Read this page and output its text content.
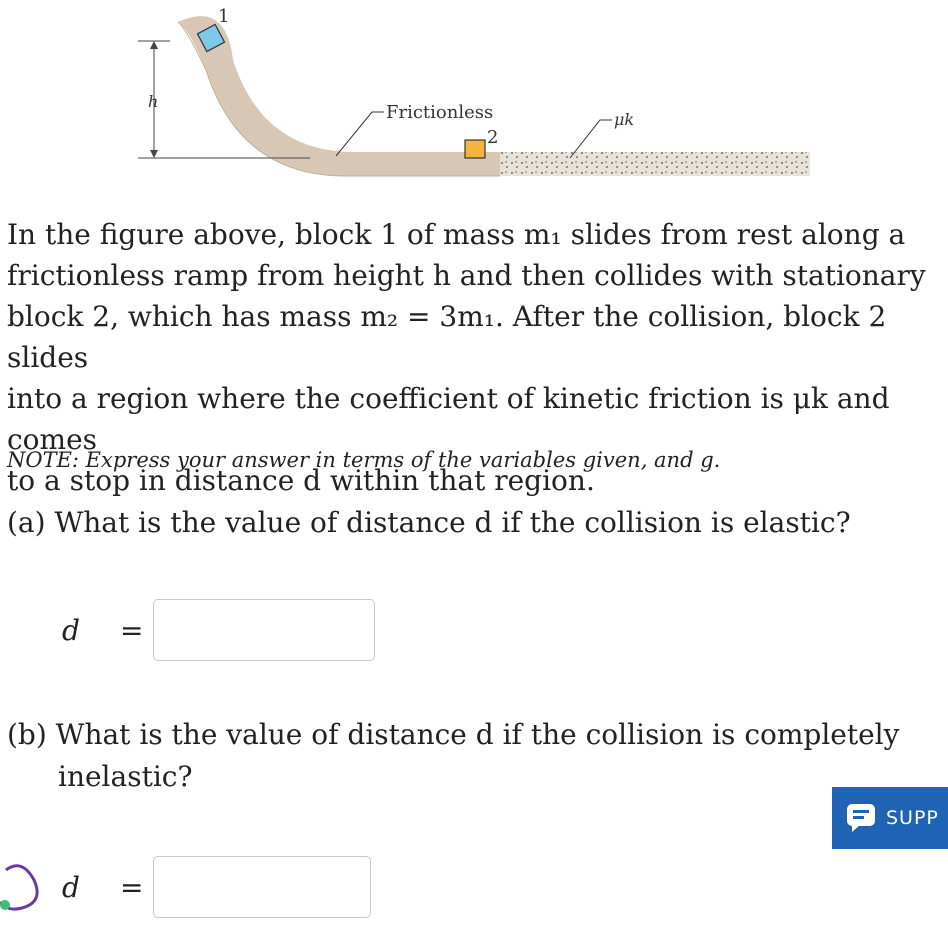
h
1
2
Frictionless	μk
In the figure above, block 1 of mass m₁ slides from rest along a
frictionless ramp from height h and then collides with stationary
block 2, which has mass m₂ = 3m₁. After the collision, block 2 slides
into a region where the coefficient of kinetic friction is μk and comes
to a stop in distance d within that region.
NOTE: Express your answer in terms of the variables given, and g.
(a) What is the value of distance d if the collision is elastic?
d	=
(b) What is the value of distance d if the collision is completely
inelastic?
d	=
SUPP
